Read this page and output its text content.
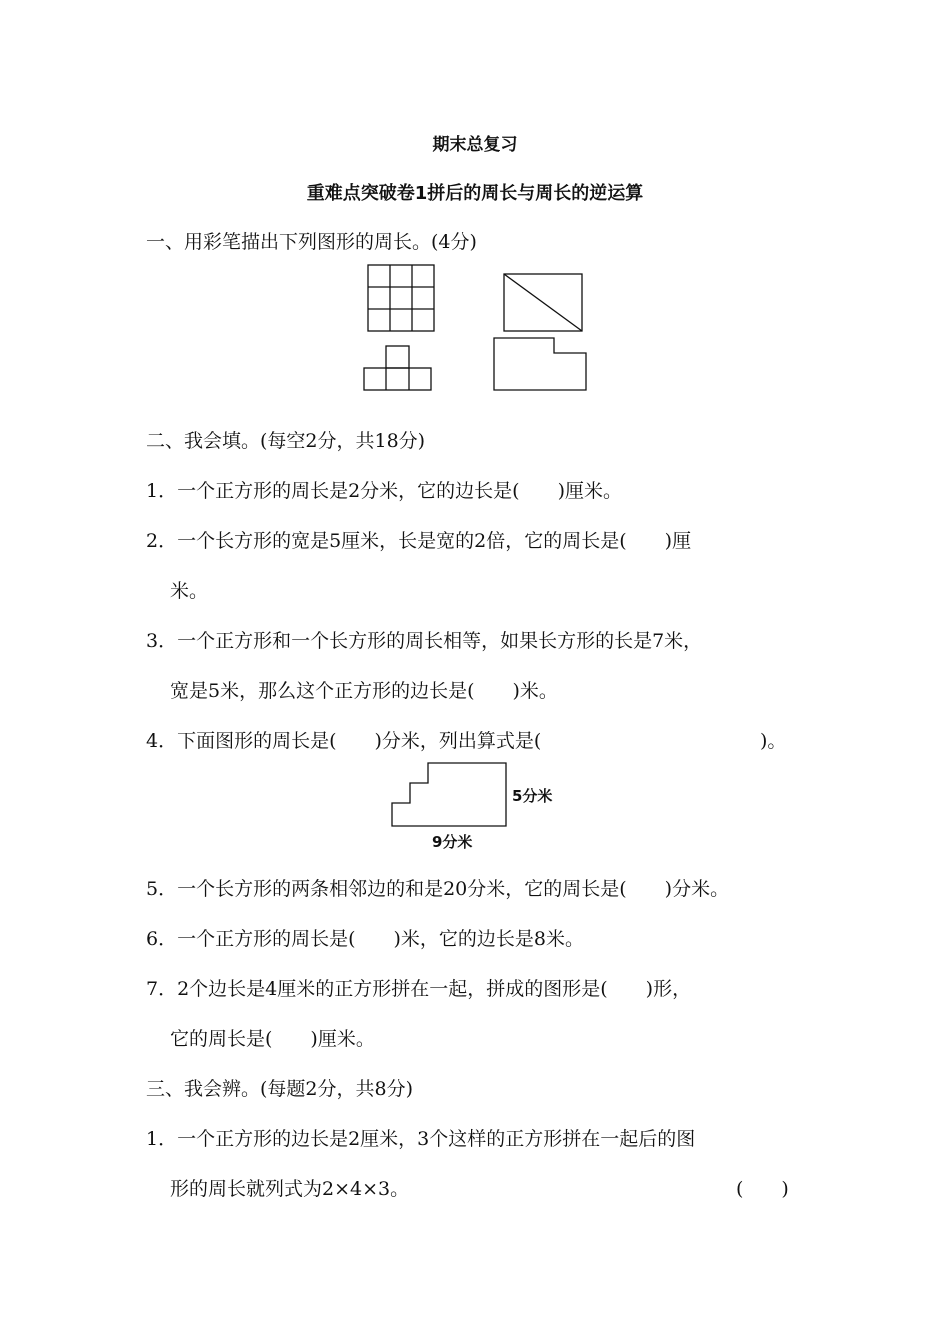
期末总复习
重难点突破卷1拼后的周长与周长的逆运算
一、用彩笔描出下列图形的周长。(4分)
二、我会填。(每空2分，共18分)
1．一个正方形的周长是2分米，它的边长是(　　)厘米。
2．一个长方形的宽是5厘米，长是宽的2倍，它的周长是(　　)厘
米。
3．一个正方形和一个长方形的周长相等，如果长方形的长是7米，
宽是5米，那么这个正方形的边长是(　　)米。
4．下面图形的周长是(　　)分米，列出算式是(	)。
5分米
9分米
5．一个长方形的两条相邻边的和是20分米，它的周长是(　　)分米。
6．一个正方形的周长是(　　)米，它的边长是8米。
7．2个边长是4厘米的正方形拼在一起，拼成的图形是(　　)形，
它的周长是(　　)厘米。
三、我会辨。(每题2分，共8分)
1．一个正方形的边长是2厘米，3个这样的正方形拼在一起后的图
形的周长就列式为2×4×3。	(　　)
